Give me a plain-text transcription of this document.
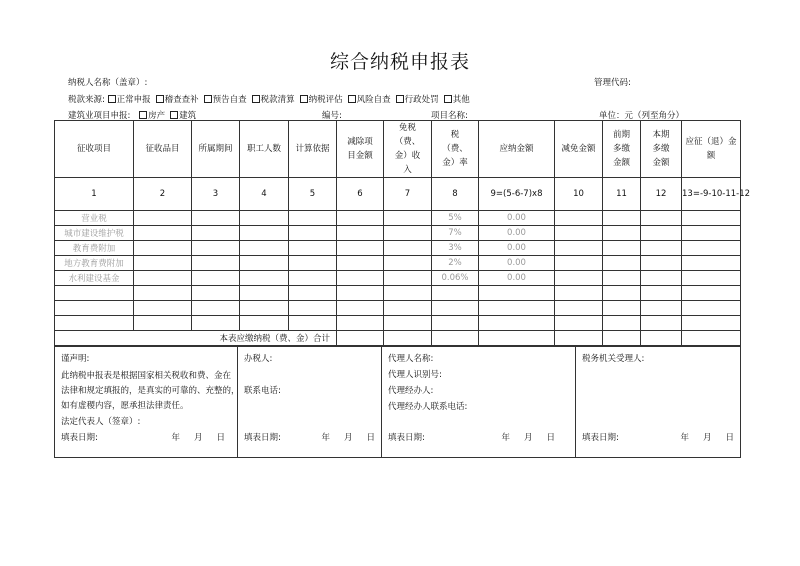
综合纳税申报表
纳税人名称（盖章）:	管理代码:
税款来源: 正常申报 稽查查补 预告自查 税款清算 纳税评估 风险自查 行政处罚 其他
建筑业项目申报: 房产 建筑	编号:	项目名称:	单位：元（列至角分）
征收项目	征收品目	所属期间	职工人数	计算依据	减除项目金额	免税（费、金）收入	税（费、金）率	应纳金额	减免金额	前期多缴金额	本期多缴金额	应征（退）金额
1	2	3	4	5	6	7	8	9=(5-6-7)x8	10	11	12	13=-9-10-11-12
营业税							5%	0.00				
城市建设维护税							7%	0.00				
教育费附加							3%	0.00				
地方教育费附加							2%	0.00				
水利建设基金							0.06%	0.00				

本表应缴纳税（费、金）合计												
谨声明:
此纳税申报表是根据国家相关税收和费、金在
法律和规定填报的，是真实的可靠的、充整的，
如有虚稷内容，愿承担法律责任。
法定代表人（签章）:
填表日期:	年 月 日

办税人:
联系电话:
填表日期:	年 月 日

代理人名称:
代理人识别号:
代理经办人:
代理经办人联系电话:
填表日期:	年 月 日

税务机关受理人:
填表日期:	年 月 日
